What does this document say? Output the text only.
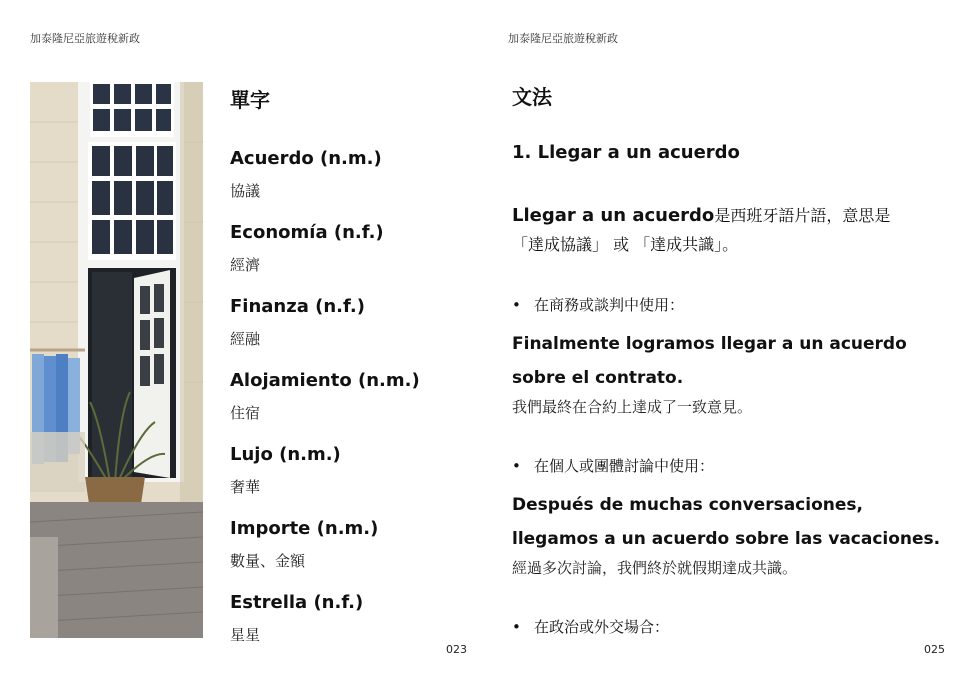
加泰隆尼亞旅遊稅新政
單字
Acuerdo (n.m.)
協議
Economía (n.f.)
經濟
Finanza (n.f.)
經融
Alojamiento (n.m.)
住宿
Lujo (n.m.)
奢華
Importe (n.m.)
數量、金額
Estrella (n.f.)
星星
023
加泰隆尼亞旅遊稅新政
文法
1. Llegar a un acuerdo
Llegar a un acuerdo是西班牙語片語，意思是
「達成協議」 或 「達成共識」。
• 在商務或談判中使用：
Finalmente logramos llegar a un acuerdo
sobre el contrato.
我們最終在合約上達成了一致意見。
• 在個人或團體討論中使用：
Después de muchas conversaciones,
llegamos a un acuerdo sobre las vacaciones.
經過多次討論，我們終於就假期達成共識。
• 在政治或外交場合：
025
